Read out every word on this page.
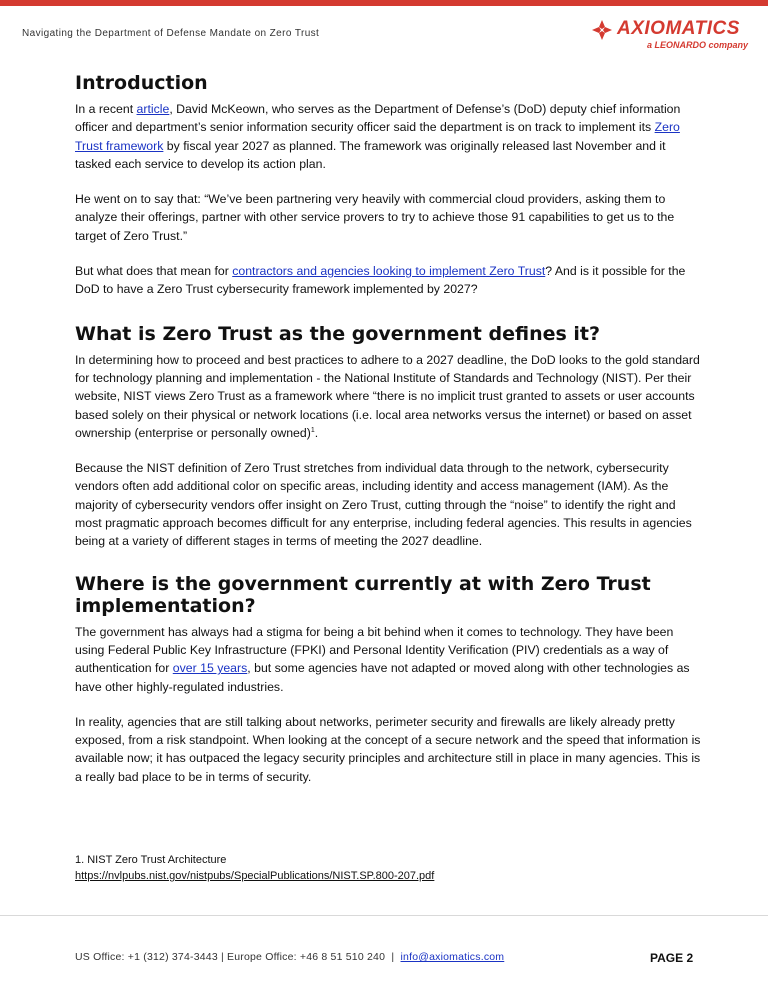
Navigating the Department of Defense Mandate on Zero Trust	AXIOMATICS
a LEONARDO company
Introduction

In a recent article, David McKeown, who serves as the Department of Defense’s (DoD) deputy chief information officer and department’s senior information security officer said the department is on track to implement its Zero Trust framework by fiscal year 2027 as planned. The framework was originally released last November and it tasked each service to develop its action plan.

He went on to say that: “We’ve been partnering very heavily with commercial cloud providers, asking them to analyze their offerings, partner with other service provers to try to achieve those 91 capabilities to get us to the target of Zero Trust.”

But what does that mean for contractors and agencies looking to implement Zero Trust? And is it possible for the DoD to have a Zero Trust cybersecurity framework implemented by 2027?

What is Zero Trust as the government defines it?

In determining how to proceed and best practices to adhere to a 2027 deadline, the DoD looks to the gold standard for technology planning and implementation - the National Institute of Standards and Technology (NIST). Per their website, NIST views Zero Trust as a framework where “there is no implicit trust granted to assets or user accounts based solely on their physical or network locations (i.e. local area networks versus the internet) or based on asset ownership (enterprise or personally owned)$^1$.

Because the NIST definition of Zero Trust stretches from individual data through to the network, cybersecurity vendors often add additional color on specific areas, including identity and access management (IAM). As the majority of cybersecurity vendors offer insight on Zero Trust, cutting through the “noise” to identify the right and most pragmatic approach becomes difficult for any enterprise, including federal agencies. This results in agencies being at a variety of different stages in terms of meeting the 2027 deadline.

Where is the government currently at with Zero Trust implementation?

The government has always had a stigma for being a bit behind when it comes to technology. They have been using Federal Public Key Infrastructure (FPKI) and Personal Identity Verification (PIV) credentials as a way of authentication for over 15 years, but some agencies have not adapted or moved along with other technologies as have other highly-regulated industries.

In reality, agencies that are still talking about networks, perimeter security and firewalls are likely already pretty exposed, from a risk standpoint. When looking at the concept of a secure network and the speed that information is available now; it has outpaced the legacy security principles and architecture still in place in many agencies. This is a really bad place to be in terms of security.

1. NIST Zero Trust Architecture
https://nvlpubs.nist.gov/nistpubs/SpecialPublications/NIST.SP.800-207.pdf
US Office: +1 (312) 374-3443 | Europe Office: +46 8 51 510 240  |  info@axiomatics.com	PAGE 2
